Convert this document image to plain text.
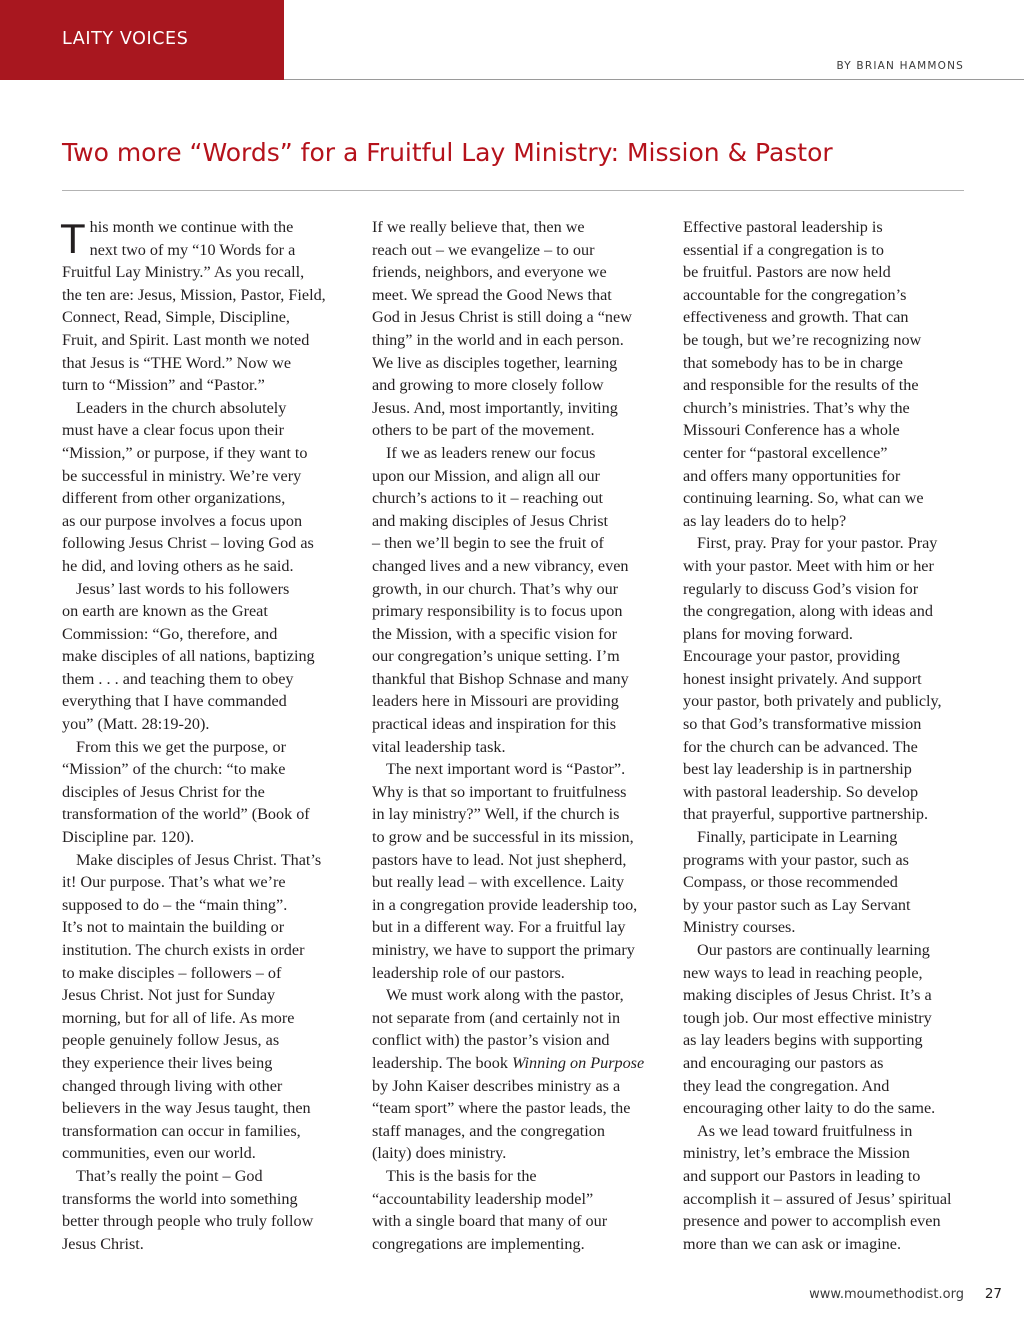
LAITY VOICES
BY BRIAN HAMMONS
Two more “Words” for a Fruitful Lay Ministry: Mission & Pastor

This month we continue with the
next two of my “10 Words for a
Fruitful Lay Ministry.” As you recall,
the ten are: Jesus, Mission, Pastor, Field,
Connect, Read, Simple, Discipline,
Fruit, and Spirit. Last month we noted
that Jesus is “THE Word.” Now we
turn to “Mission” and “Pastor.”

Leaders in the church absolutely
must have a clear focus upon their
“Mission,” or purpose, if they want to
be successful in ministry. We’re very
different from other organizations,
as our purpose involves a focus upon
following Jesus Christ – loving God as
he did, and loving others as he said.

Jesus’ last words to his followers
on earth are known as the Great
Commission: “Go, therefore, and
make disciples of all nations, baptizing
them . . . and teaching them to obey
everything that I have commanded
you” (Matt. 28:19-20).

From this we get the purpose, or
“Mission” of the church: “to make
disciples of Jesus Christ for the
transformation of the world” (Book of
Discipline par. 120).

Make disciples of Jesus Christ. That’s
it! Our purpose. That’s what we’re
supposed to do – the “main thing”.
It’s not to maintain the building or
institution. The church exists in order
to make disciples – followers – of
Jesus Christ. Not just for Sunday
morning, but for all of life. As more
people genuinely follow Jesus, as
they experience their lives being
changed through living with other
believers in the way Jesus taught, then
transformation can occur in families,
communities, even our world.

That’s really the point – God
transforms the world into something
better through people who truly follow
Jesus Christ.

If we really believe that, then we
reach out – we evangelize – to our
friends, neighbors, and everyone we
meet. We spread the Good News that
God in Jesus Christ is still doing a “new
thing” in the world and in each person.
We live as disciples together, learning
and growing to more closely follow
Jesus. And, most importantly, inviting
others to be part of the movement.

If we as leaders renew our focus
upon our Mission, and align all our
church’s actions to it – reaching out
and making disciples of Jesus Christ
– then we’ll begin to see the fruit of
changed lives and a new vibrancy, even
growth, in our church. That’s why our
primary responsibility is to focus upon
the Mission, with a specific vision for
our congregation’s unique setting. I’m
thankful that Bishop Schnase and many
leaders here in Missouri are providing
practical ideas and inspiration for this
vital leadership task.

The next important word is “Pastor”.
Why is that so important to fruitfulness
in lay ministry?” Well, if the church is
to grow and be successful in its mission,
pastors have to lead. Not just shepherd,
but really lead – with excellence. Laity
in a congregation provide leadership too,
but in a different way. For a fruitful lay
ministry, we have to support the primary
leadership role of our pastors.

We must work along with the pastor,
not separate from (and certainly not in
conflict with) the pastor’s vision and
leadership. The book Winning on Purpose
by John Kaiser describes ministry as a
“team sport” where the pastor leads, the
staff manages, and the congregation
(laity) does ministry.

This is the basis for the
“accountability leadership model”
with a single board that many of our
congregations are implementing.

Effective pastoral leadership is
essential if a congregation is to
be fruitful. Pastors are now held
accountable for the congregation’s
effectiveness and growth. That can
be tough, but we’re recognizing now
that somebody has to be in charge
and responsible for the results of the
church’s ministries. That’s why the
Missouri Conference has a whole
center for “pastoral excellence”
and offers many opportunities for
continuing learning. So, what can we
as lay leaders do to help?

First, pray. Pray for your pastor. Pray
with your pastor. Meet with him or her
regularly to discuss God’s vision for
the congregation, along with ideas and
plans for moving forward.
Encourage your pastor, providing
honest insight privately. And support
your pastor, both privately and publicly,
so that God’s transformative mission
for the church can be advanced. The
best lay leadership is in partnership
with pastoral leadership. So develop
that prayerful, supportive partnership.

Finally, participate in Learning
programs with your pastor, such as
Compass, or those recommended
by your pastor such as Lay Servant
Ministry courses.

Our pastors are continually learning
new ways to lead in reaching people,
making disciples of Jesus Christ. It’s a
tough job. Our most effective ministry
as lay leaders begins with supporting
and encouraging our pastors as
they lead the congregation. And
encouraging other laity to do the same.

As we lead toward fruitfulness in
ministry, let’s embrace the Mission
and support our Pastors in leading to
accomplish it – assured of Jesus’ spiritual
presence and power to accomplish even
more than we can ask or imagine.

www.moumethodist.org 27
